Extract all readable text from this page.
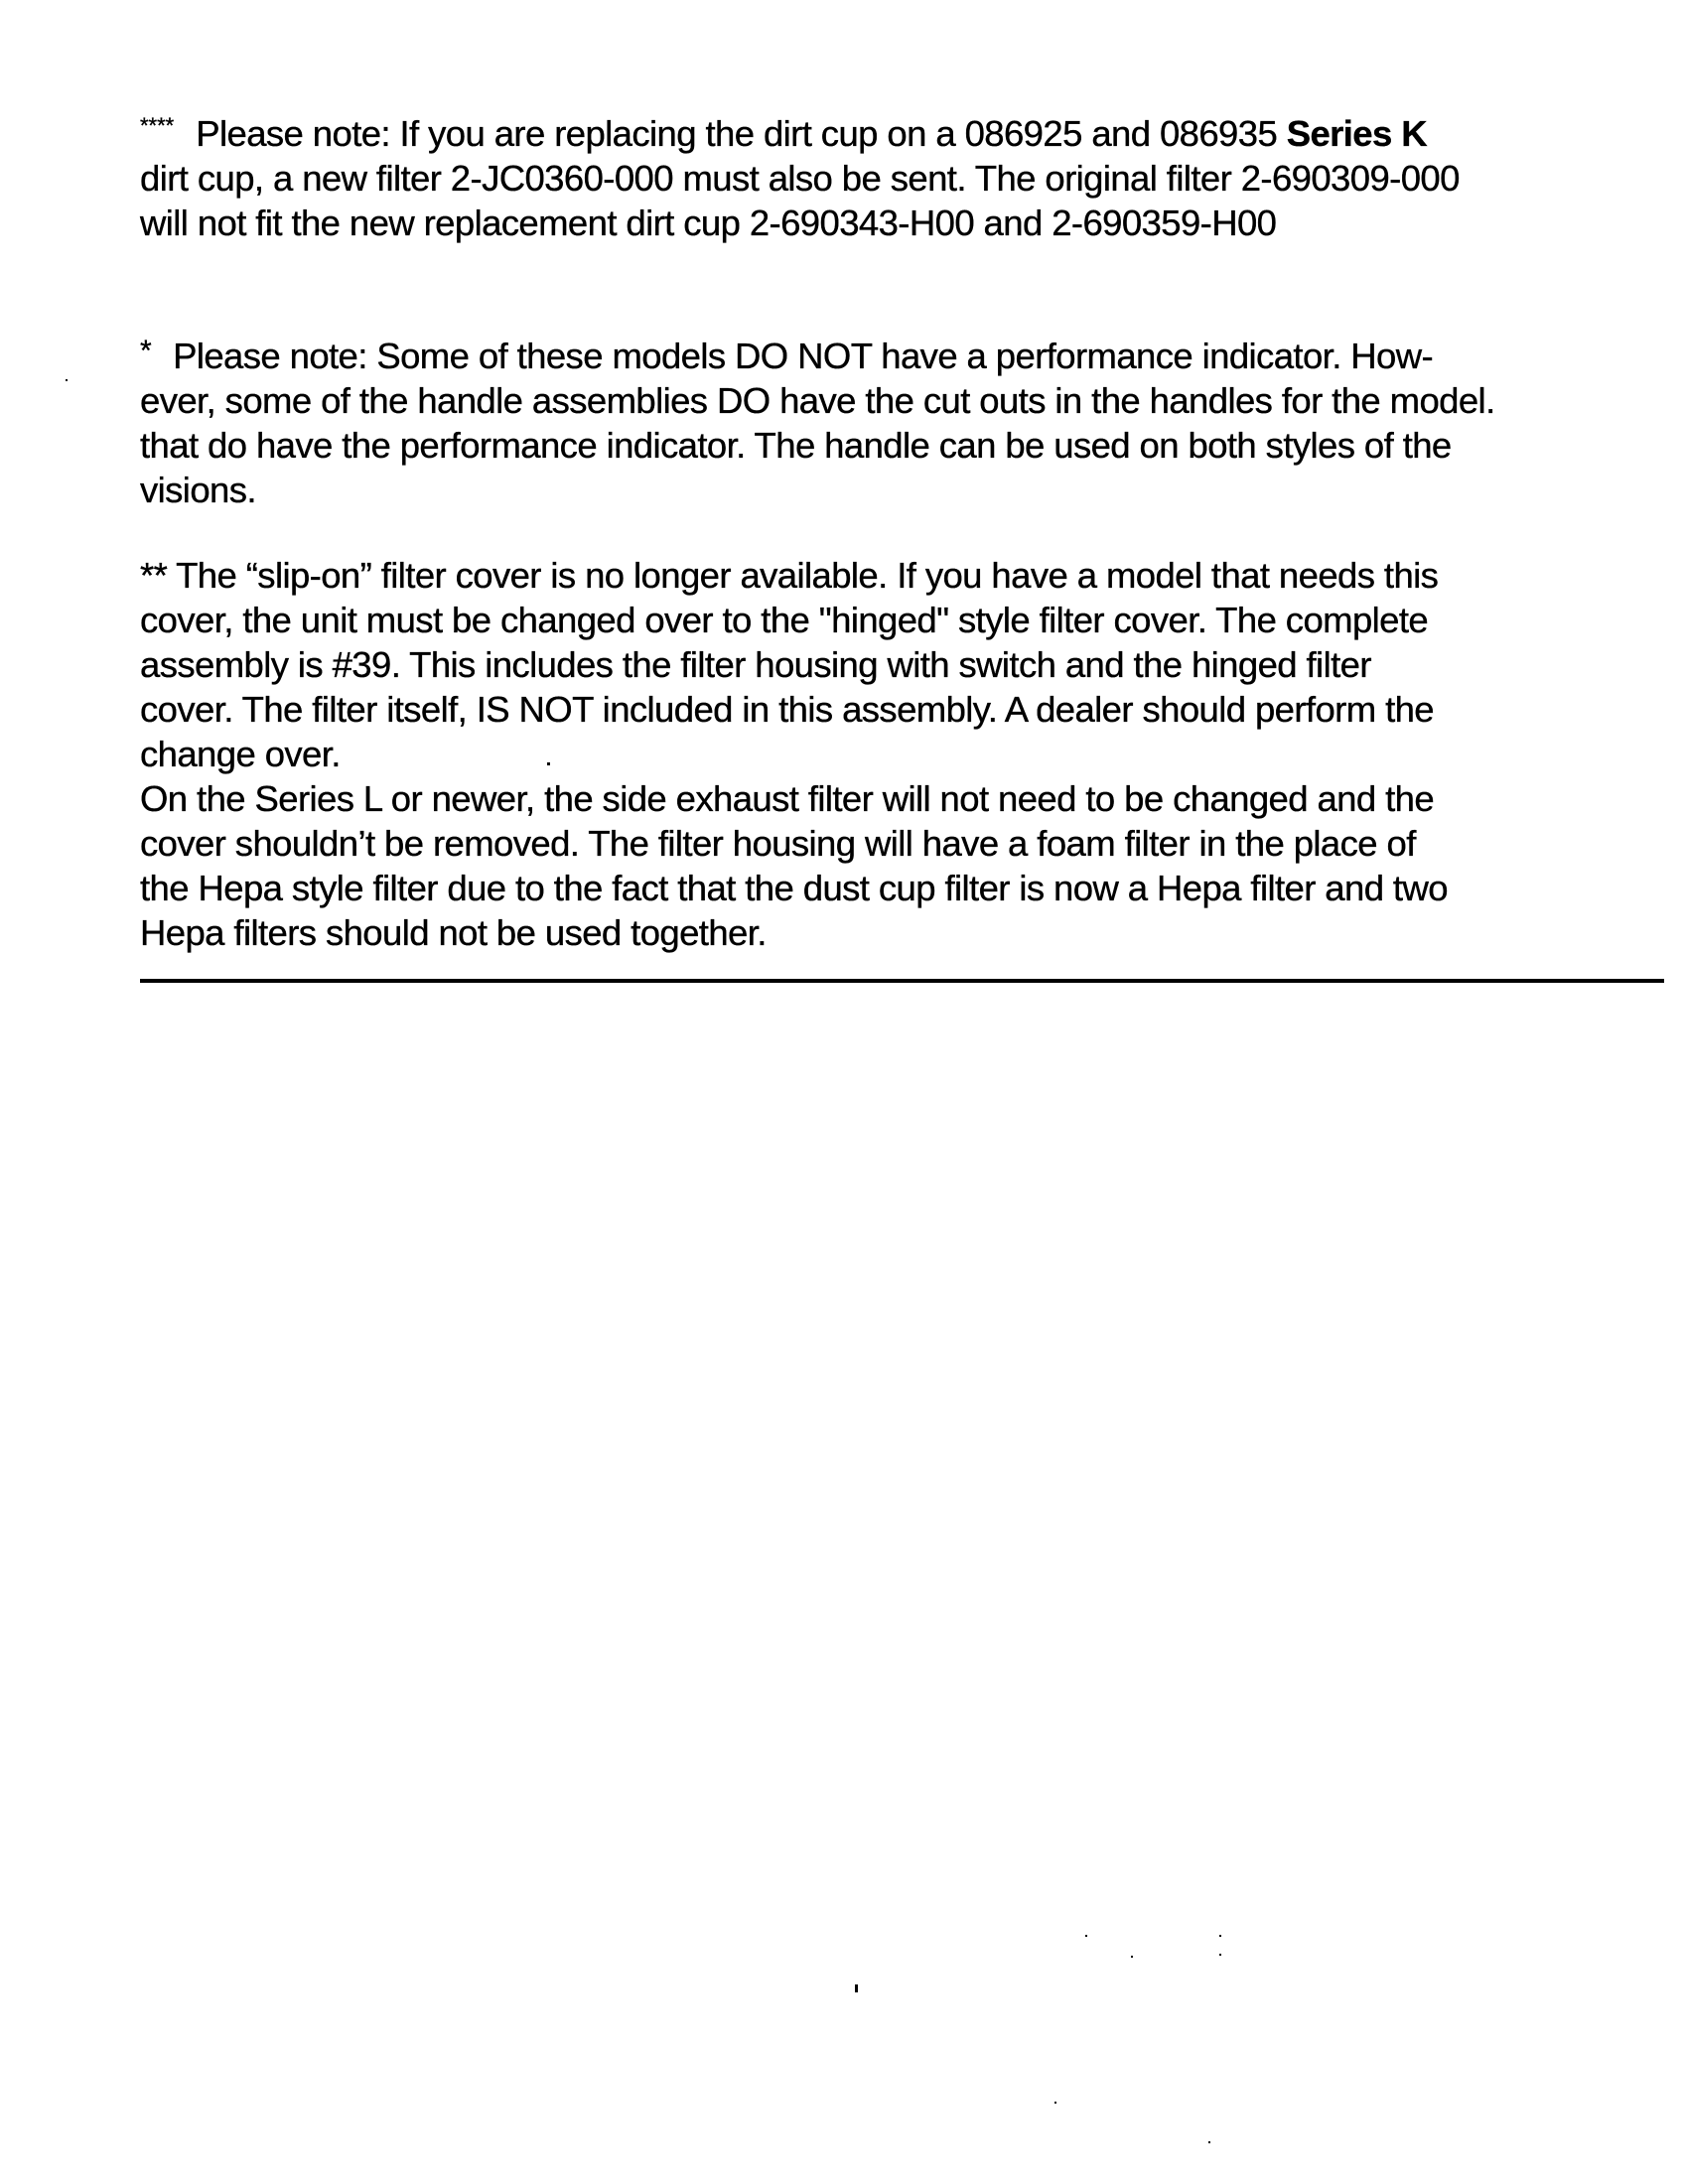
**** Please note: If you are replacing the dirt cup on a 086925 and 086935 Series K
dirt cup, a new filter 2-JC0360-000 must also be sent. The original filter 2-690309-000
will not fit the new replacement dirt cup 2-690343-H00 and 2-690359-H00
* Please note: Some of these models DO NOT have a performance indicator. How-
ever, some of the handle assemblies DO have the cut outs in the handles for the model.
that do have the performance indicator. The handle can be used on both styles of the
visions.
** The “slip-on” filter cover is no longer available. If you have a model that needs this
cover, the unit must be changed over to the "hinged" style filter cover. The complete
assembly is #39. This includes the filter housing with switch and the hinged filter
cover. The filter itself, IS NOT included in this assembly. A dealer should perform the
change over.
On the Series L or newer, the side exhaust filter will not need to be changed and the
cover shouldn’t be removed. The filter housing will have a foam filter in the place of
the Hepa style filter due to the fact that the dust cup filter is now a Hepa filter and two
Hepa filters should not be used together.
